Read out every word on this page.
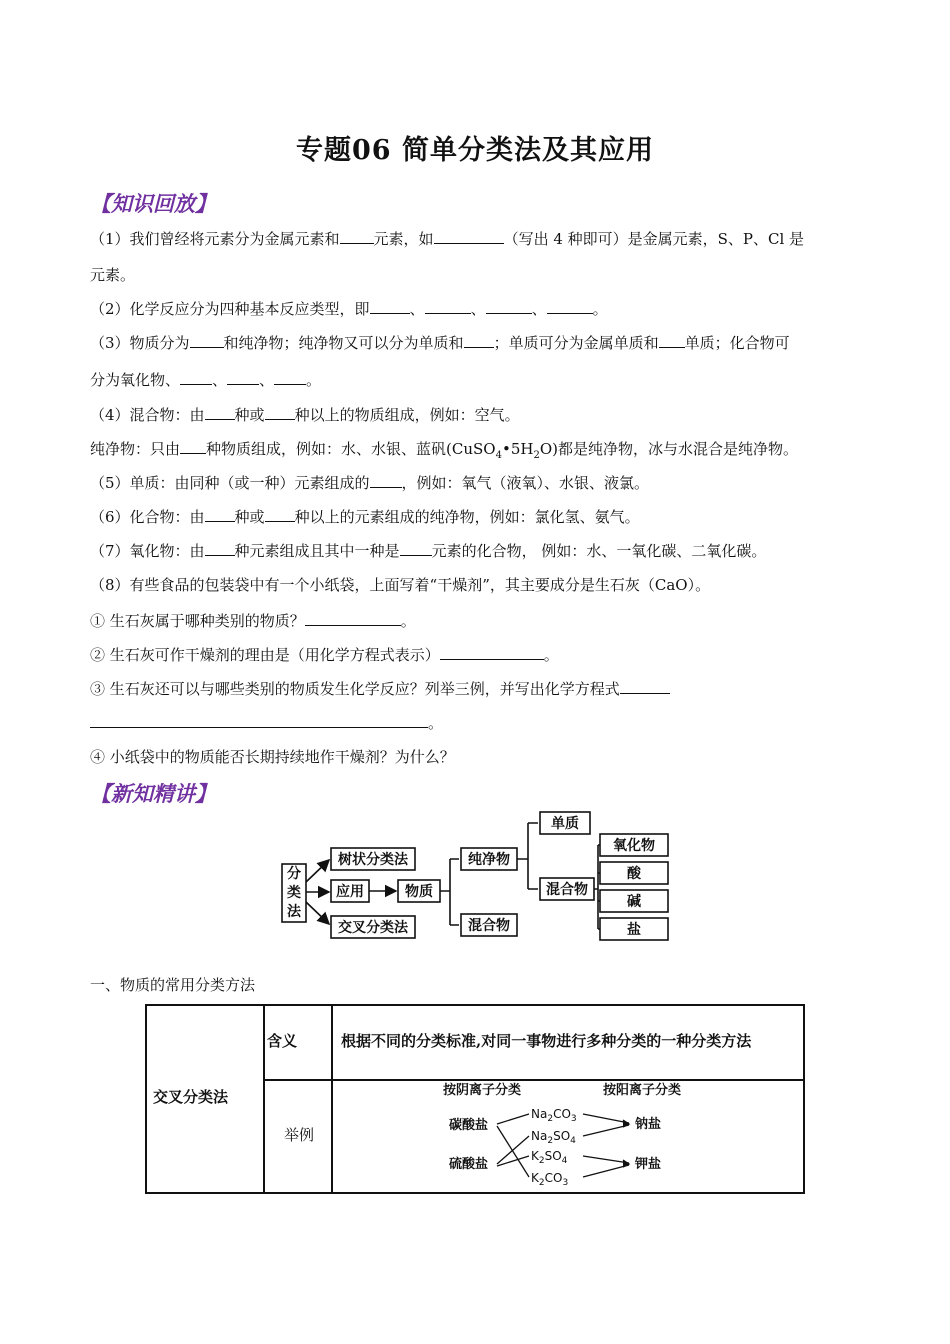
专题06 简单分类法及其应用
【知识回放】
（1）我们曾经将元素分为金属元素和 元素，如	（写出 4 种即可）是金属元素，S、P、Cl 是
元素。
（2）化学反应分为四种基本反应类型，即	、	、	、	。
（3）物质分为 和纯净物；纯净物又可以分为单质和 ；单质可分为金属单质和 单质；化合物可
分为氧化物、 、 、 。
（4）混合物：由 种或 种以上的物质组成，例如：空气。
纯净物：只由 种物质组成，例如：水、水银、蓝矾$(CuSO_4•5H_2O)$都是纯净物，冰与水混合是纯净物。
（5）单质：由同种（或一种）元素组成的 ，例如：氧气（液氧）、水银、液氯。
（6）化合物：由 种或 种以上的元素组成的纯净物，例如：氯化氢、氨气。
（7）氧化物：由 种元素组成且其中一种是 元素的化合物， 例如：水、一氧化碳、二氧化碳。
（8）有些食品的包装袋中有一个小纸袋，上面写着“干燥剂”，其主要成分是生石灰（CaO）。
① 生石灰属于哪种类别的物质？	。
② 生石灰可作干燥剂的理由是（用化学方程式表示）	。
③ 生石灰还可以与哪些类别的物质发生化学反应？列举三例，并写出化学方程式
。
④ 小纸袋中的物质能否长期持续地作干燥剂？为什么？
【新知精讲】
分
类
法
树状分类法
应用
交叉分类法
物质
纯净物
混合物
单质
混合物
氧化物
酸
碱
盐
一、物质的常用分类方法
交叉分类法
含义	根据不同的分类标准,对同一事物进行多种分类的一种分类方法
举例
按阴离子分类	按阳离子分类
碳酸盐
硫酸盐
钠盐
钾盐
$Na_2CO_3$
$Na_2SO_4$
$K_2SO_4$
$K_2CO_3$
